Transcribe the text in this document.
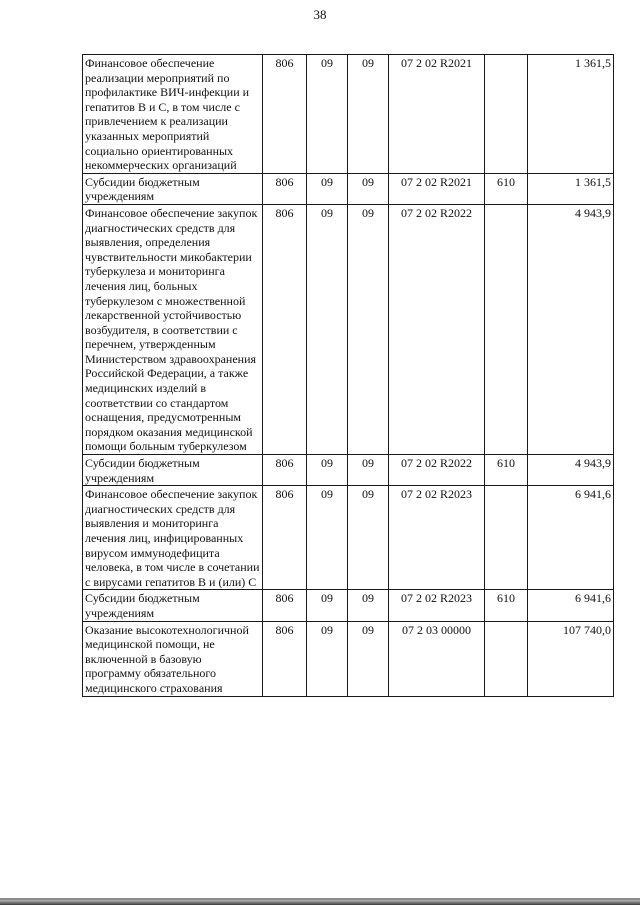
38
Финансовое обеспечение реализации мероприятий по профилактике ВИЧ-инфекции и гепатитов В и С, в том числе с привлечением к реализации указанных мероприятий социально ориентированных некоммерческих организаций	806	09	09	07 2 02 R2021		1 361,5
Субсидии бюджетным учреждениям	806	09	09	07 2 02 R2021	610	1 361,5
Финансовое обеспечение закупок диагностических средств для выявления, определения чувствительности микобактерии туберкулеза и мониторинга лечения лиц, больных туберкулезом с множественной лекарственной устойчивостью возбудителя, в соответствии с перечнем, утвержденным Министерством здравоохранения Российской Федерации, а также медицинских изделий в соответствии со стандартом оснащения, предусмотренным порядком оказания медицинской помощи больным туберкулезом	806	09	09	07 2 02 R2022		4 943,9
Субсидии бюджетным учреждениям	806	09	09	07 2 02 R2022	610	4 943,9
Финансовое обеспечение закупок диагностических средств для выявления и мониторинга лечения лиц, инфицированных вирусом иммунодефицита человека, в том числе в сочетании с вирусами гепатитов В и (или) С	806	09	09	07 2 02 R2023		6 941,6
Субсидии бюджетным учреждениям	806	09	09	07 2 02 R2023	610	6 941,6
Оказание высокотехнологичной медицинской помощи, не включенной в базовую программу обязательного медицинского страхования	806	09	09	07 2 03 00000		107 740,0
